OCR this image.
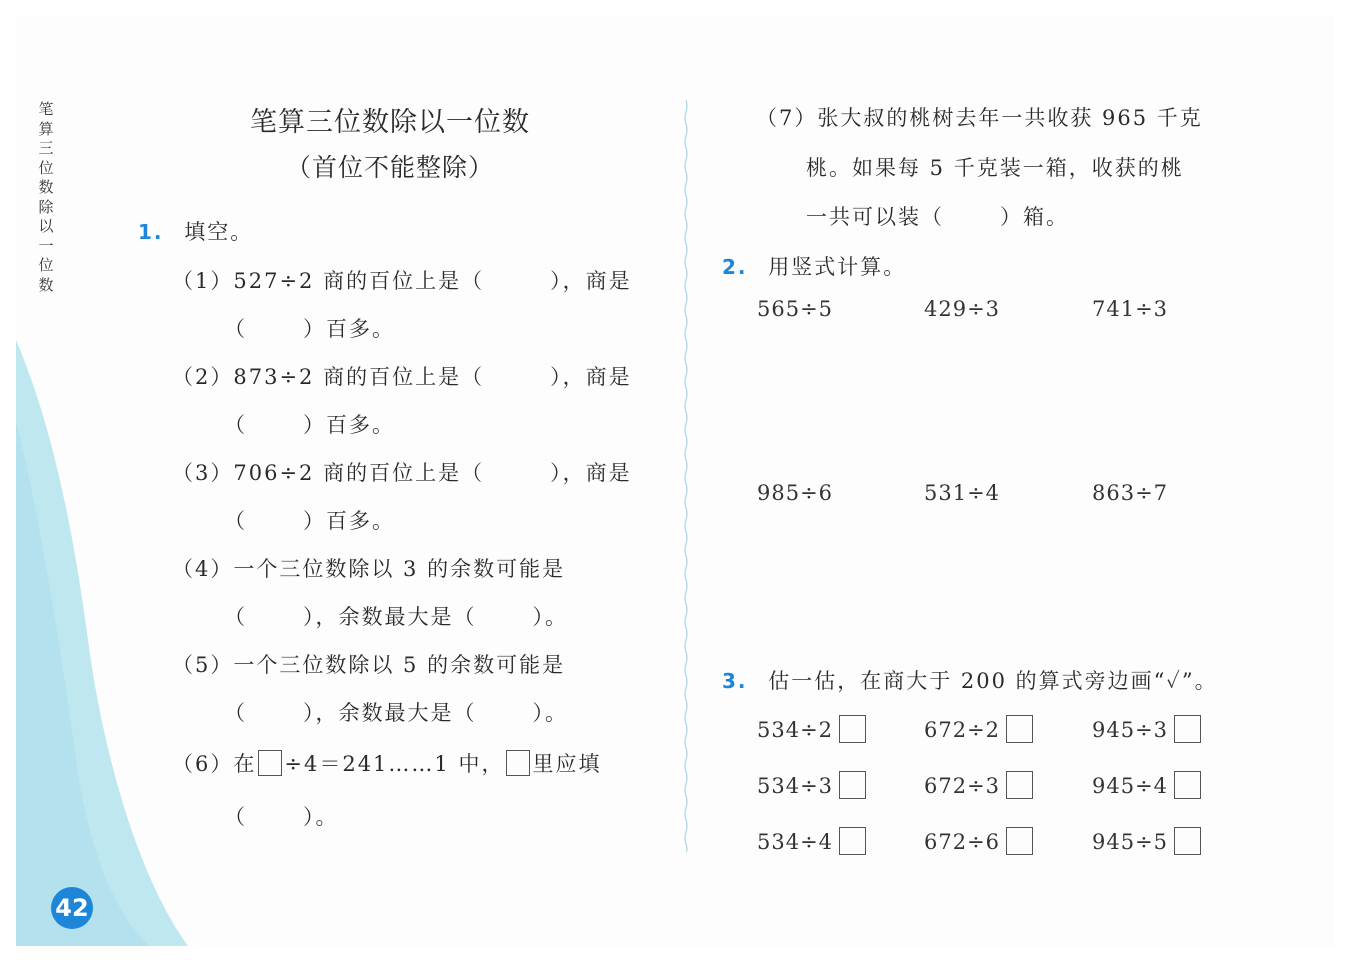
笔
算
三
位
数
除
以
一
位
数
42
笔算三位数除以一位数
（首位不能整除）
1. 填空。
（1）527÷2 商的百位上是（	），商是
（	）百多。
（2）873÷2 商的百位上是（	），商是
（	）百多。
（3）706÷2 商的百位上是（	），商是
（	）百多。
（4）一个三位数除以 3 的余数可能是
（	），余数最大是（	）。
（5）一个三位数除以 5 的余数可能是
（	），余数最大是（	）。
（6）在 ÷4＝241……1 中， 里应填
（	）。
（7）张大叔的桃树去年一共收获 965 千克
桃。如果每 5 千克装一箱，收获的桃
一共可以装（	）箱。
2. 用竖式计算。
565÷5	429÷3	741÷3
985÷6	531÷4	863÷7
3. 估一估，在商大于 200 的算式旁边画“✓”。
534÷2	672÷2	945÷3
534÷3	672÷3	945÷4
534÷4	672÷6	945÷5
